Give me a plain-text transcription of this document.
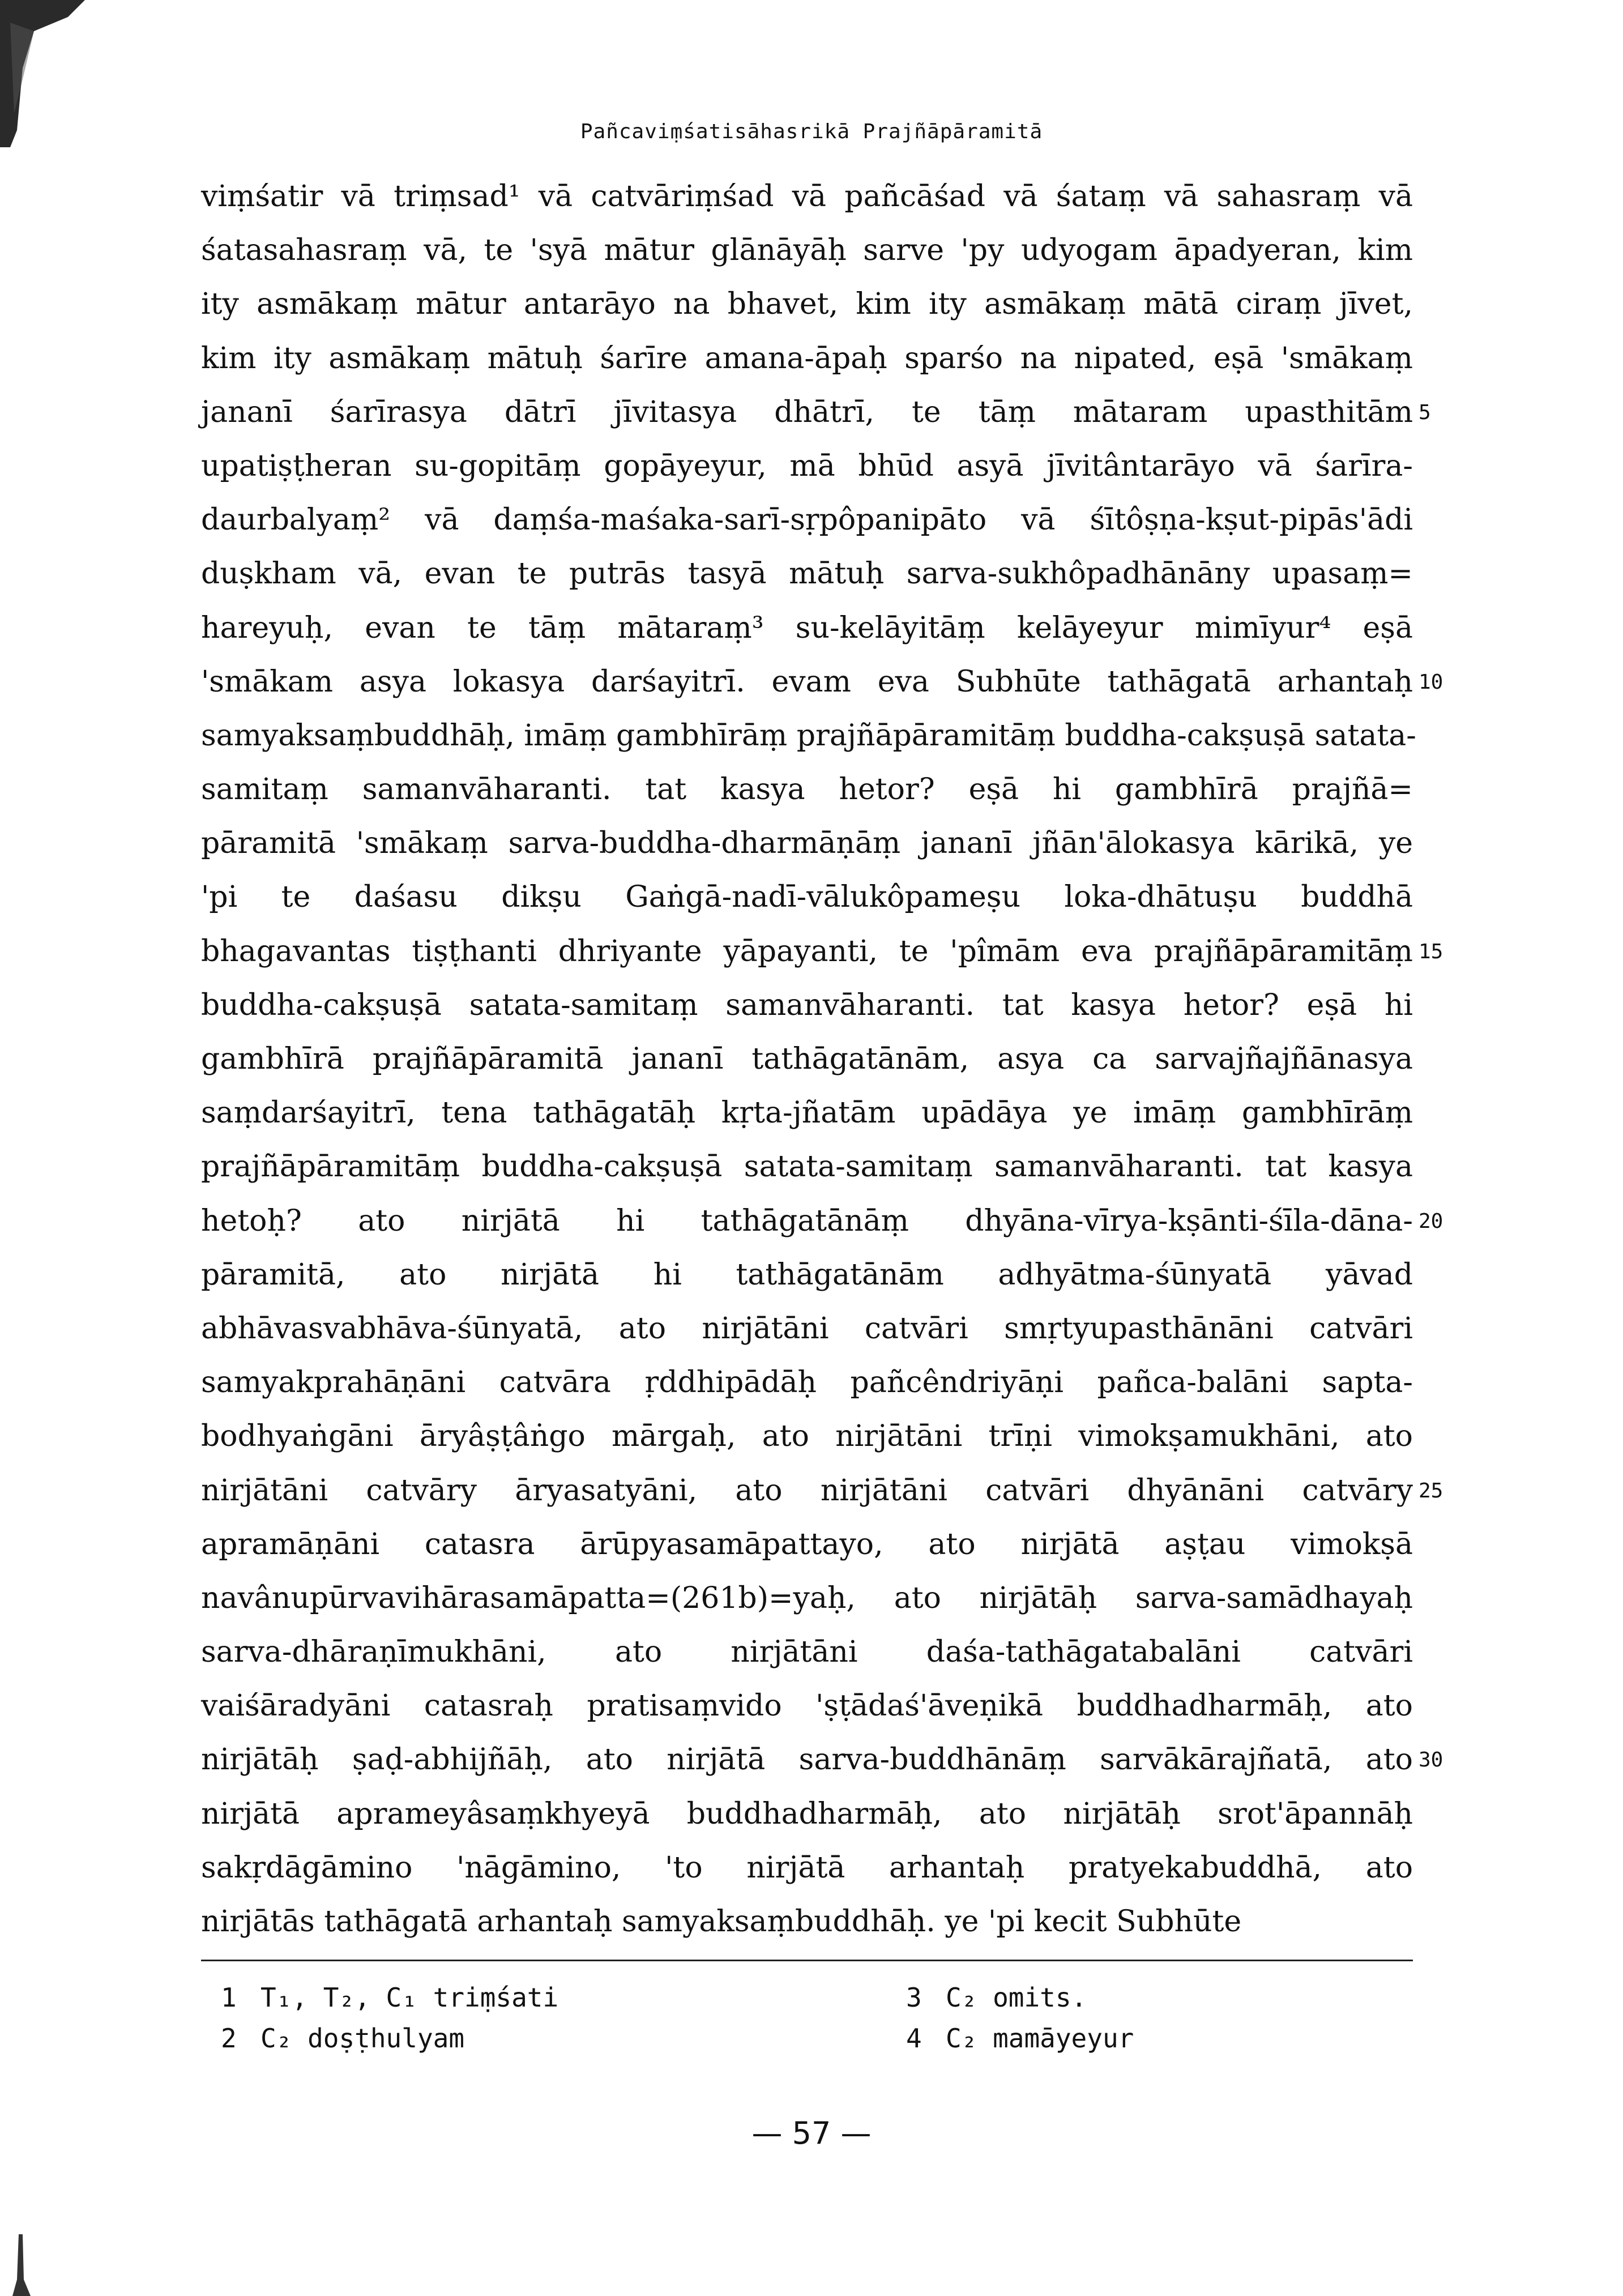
Pañcaviṃśatisāhasrikā Prajñāpāramitā
viṃśatir vā triṃsad¹ vā catvāriṃśad vā pañcāśad vā śataṃ vā sahasraṃ vā
śatasahasraṃ vā, te 'syā mātur glānāyāḥ sarve 'py udyogam āpadyeran, kim
ity asmākaṃ mātur antarāyo na bhavet, kim ity asmākaṃ mātā ciraṃ jīvet,
kim ity asmākaṃ mātuḥ śarīre amana-āpaḥ sparśo na nipated, eṣā 'smākaṃ
jananī śarīrasya dātrī jīvitasya dhātrī, te tāṃ mātaram upasthitām 5
upatiṣṭheran su-gopitāṃ gopāyeyur, mā bhūd asyā jīvitântarāyo vā śarīra-
daurbalyaṃ² vā daṃśa-maśaka-sarī-sṛpôpanipāto vā śītôṣṇa-kṣut-pipās'ādi
duṣkham vā, evan te putrās tasyā mātuḥ sarva-sukhôpadhānāny upasaṃ=
hareyuḥ, evan te tāṃ mātaraṃ³ su-kelāyitāṃ kelāyeyur mimīyur⁴ eṣā
'smākam asya lokasya darśayitrī. evam eva Subhūte tathāgatā arhantaḥ 10
samyaksaṃbuddhāḥ, imāṃ gambhīrāṃ prajñāpāramitāṃ buddha-cakṣuṣā satata-
samitaṃ samanvāharanti. tat kasya hetor? eṣā hi gambhīrā prajñā=
pāramitā 'smākaṃ sarva-buddha-dharmāṇāṃ jananī jñān'ālokasya kārikā, ye
'pi te daśasu dikṣu Gaṅgā-nadī-vālukôpameṣu loka-dhātuṣu buddhā
bhagavantas tiṣṭhanti dhriyante yāpayanti, te 'pîmām eva prajñāpāramitāṃ 15
buddha-cakṣuṣā satata-samitaṃ samanvāharanti. tat kasya hetor? eṣā hi
gambhīrā prajñāpāramitā jananī tathāgatānām, asya ca sarvajñajñānasya
saṃdarśayitrī, tena tathāgatāḥ kṛta-jñatām upādāya ye imāṃ gambhīrāṃ
prajñāpāramitāṃ buddha-cakṣuṣā satata-samitaṃ samanvāharanti. tat kasya
hetoḥ? ato nirjātā hi tathāgatānāṃ dhyāna-vīrya-kṣānti-śīla-dāna- 20
pāramitā, ato nirjātā hi tathāgatānām adhyātma-śūnyatā yāvad
abhāvasvabhāva-śūnyatā, ato nirjātāni catvāri smṛtyupasthānāni catvāri
samyakprahāṇāni catvāra ṛddhipādāḥ pañcêndriyāṇi pañca-balāni sapta-
bodhyaṅgāni āryâṣṭâṅgo mārgaḥ, ato nirjātāni trīṇi vimokṣamukhāni, ato
nirjātāni catvāry āryasatyāni, ato nirjātāni catvāri dhyānāni catvāry 25
apramāṇāni catasra ārūpyasamāpattayo, ato nirjātā aṣṭau vimokṣā
navânupūrvavihārasamāpatta=(261b)=yaḥ, ato nirjātāḥ sarva-samādhayaḥ
sarva-dhāraṇīmukhāni, ato nirjātāni daśa-tathāgatabalāni catvāri
vaiśāradyāni catasraḥ pratisaṃvido 'ṣṭādaś'āveṇikā buddhadharmāḥ, ato
nirjātāḥ ṣaḍ-abhijñāḥ, ato nirjātā sarva-buddhānāṃ sarvākārajñatā, ato 30
nirjātā aprameyâsaṃkhyeyā buddhadharmāḥ, ato nirjātāḥ srot'āpannāḥ
sakṛdāgāmino 'nāgāmino, 'to nirjātā arhantaḥ pratyekabuddhā, ato
nirjātās tathāgatā arhantaḥ samyaksaṃbuddhāḥ. ye 'pi kecit Subhūte
1 T₁, T₂, C₁ triṃśati
2 C₂ doṣṭhulyam
3 C₂ omits.
4 C₂ mamāyeyur
— 57 —
